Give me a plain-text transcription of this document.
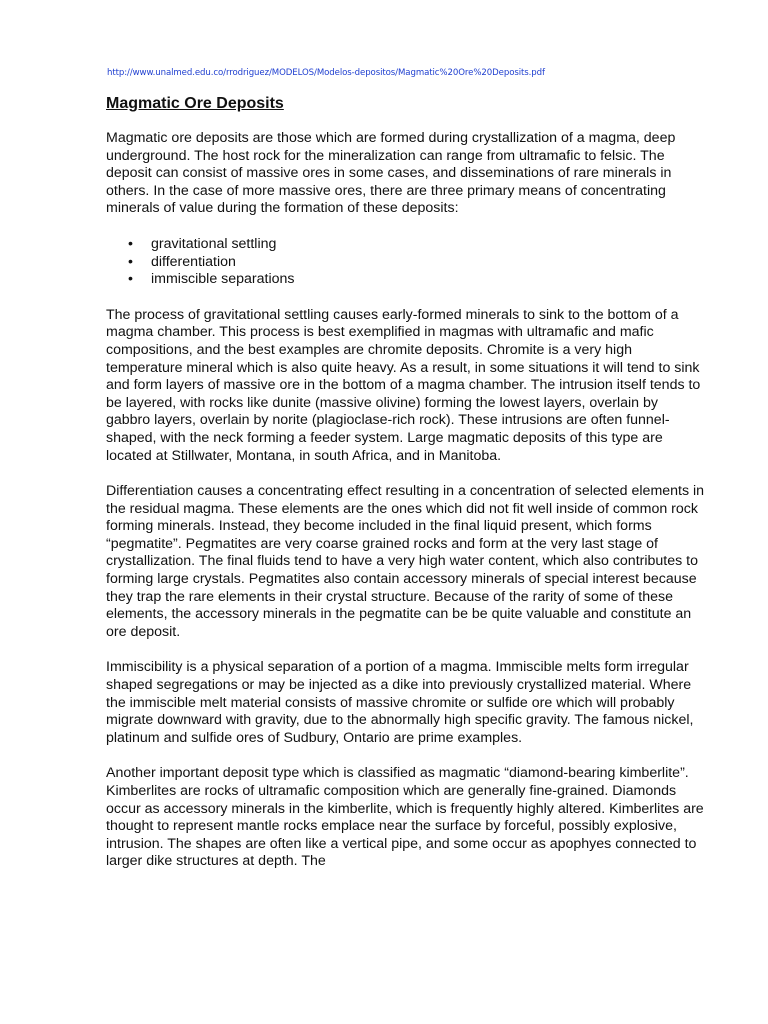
http://www.unalmed.edu.co/rrodriguez/MODELOS/Modelos-depositos/Magmatic%20Ore%20Deposits.pdf
Magmatic Ore Deposits

Magmatic ore deposits are those which are formed during crystallization of a magma, deep underground. The host rock for the mineralization can range from ultramafic to felsic. The deposit can consist of massive ores in some cases, and disseminations of rare minerals in others. In the case of more massive ores, there are three primary means of concentrating minerals of value during the formation of these deposits:

• gravitational settling
• differentiation
• immiscible separations

The process of gravitational settling causes early-formed minerals to sink to the bottom of a magma chamber. This process is best exemplified in magmas with ultramafic and mafic compositions, and the best examples are chromite deposits. Chromite is a very high temperature mineral which is also quite heavy. As a result, in some situations it will tend to sink and form layers of massive ore in the bottom of a magma chamber. The intrusion itself tends to be layered, with rocks like dunite (massive olivine) forming the lowest layers, overlain by gabbro layers, overlain by norite (plagioclase-rich rock). These intrusions are often funnel-shaped, with the neck forming a feeder system. Large magmatic deposits of this type are located at Stillwater, Montana, in south Africa, and in Manitoba.

Differentiation causes a concentrating effect resulting in a concentration of selected elements in the residual magma. These elements are the ones which did not fit well inside of common rock forming minerals. Instead, they become included in the final liquid present, which forms “pegmatite”. Pegmatites are very coarse grained rocks and form at the very last stage of crystallization. The final fluids tend to have a very high water content, which also contributes to forming large crystals. Pegmatites also contain accessory minerals of special interest because they trap the rare elements in their crystal structure. Because of the rarity of some of these elements, the accessory minerals in the pegmatite can be be quite valuable and constitute an ore deposit.

Immiscibility is a physical separation of a portion of a magma. Immiscible melts form irregular shaped segregations or may be injected as a dike into previously crystallized material. Where the immiscible melt material consists of massive chromite or sulfide ore which will probably migrate downward with gravity, due to the abnormally high specific gravity. The famous nickel, platinum and sulfide ores of Sudbury, Ontario are prime examples.

Another important deposit type which is classified as magmatic “diamond-bearing kimberlite”. Kimberlites are rocks of ultramafic composition which are generally fine-grained. Diamonds occur as accessory minerals in the kimberlite, which is frequently highly altered. Kimberlites are thought to represent mantle rocks emplace near the surface by forceful, possibly explosive, intrusion. The shapes are often like a vertical pipe, and some occur as apophyes connected to larger dike structures at depth. The
